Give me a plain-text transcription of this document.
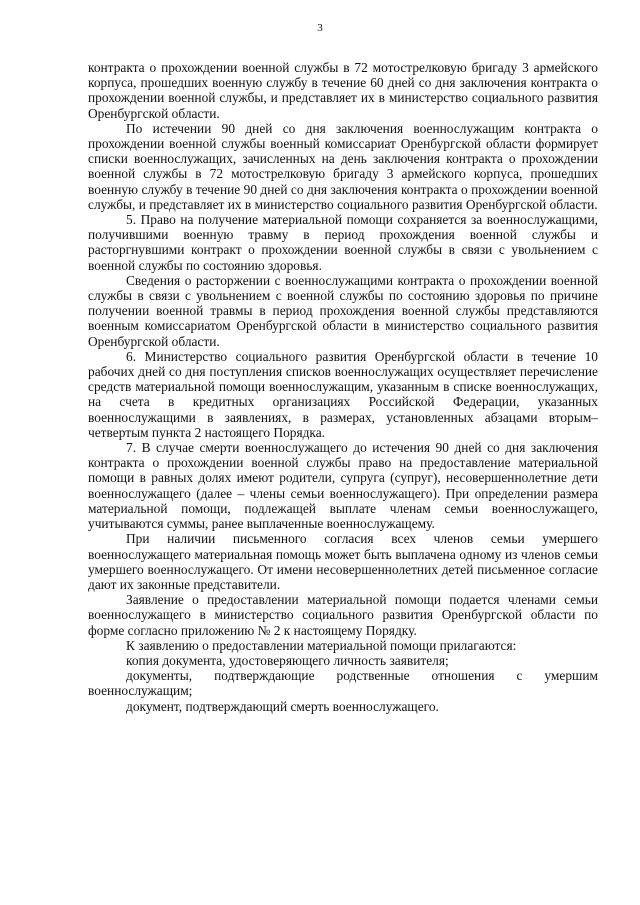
3

контракта о прохождении военной службы в 72 мотострелковую бригаду 3 армейского корпуса, прошедших военную службу в течение 60 дней со дня заключения контракта о прохождении военной службы, и представляет их в министерство социального развития Оренбургской области.

По истечении 90 дней со дня заключения военнослужащим контракта о прохождении военной службы военный комиссариат Оренбургской области формирует списки военнослужащих, зачисленных на день заключения контракта о прохождении военной службы в 72 мотострелковую бригаду 3 армейского корпуса, прошедших военную службу в течение 90 дней со дня заключения контракта о прохождении военной службы, и представляет их в министерство социального развития Оренбургской области.

5. Право на получение материальной помощи сохраняется за военнослужащими, получившими военную травму в период прохождения военной службы и расторгнувшими контракт о прохождении военной службы в связи с увольнением с военной службы по состоянию здоровья.

Сведения о расторжении с военнослужащими контракта о прохождении военной службы в связи с увольнением с военной службы по состоянию здоровья по причине получении военной травмы в период прохождения военной службы представляются военным комиссариатом Оренбургской области в министерство социального развития Оренбургской области.

6. Министерство социального развития Оренбургской области в течение 10 рабочих дней со дня поступления списков военнослужащих осуществляет перечисление средств материальной помощи военнослужащим, указанным в списке военнослужащих, на счета в кредитных организациях Российской Федерации, указанных военнослужащими в заявлениях, в размерах, установленных абзацами вторым–четвертым пункта 2 настоящего Порядка.

7. В случае смерти военнослужащего до истечения 90 дней со дня заключения контракта о прохождении военной службы право на предоставление материальной помощи в равных долях имеют родители, супруга (супруг), несовершеннолетние дети военнослужащего (далее – члены семьи военнослужащего). При определении размера материальной помощи, подлежащей выплате членам семьи военнослужащего, учитываются суммы, ранее выплаченные военнослужащему.

При наличии письменного согласия всех членов семьи умершего военнослужащего материальная помощь может быть выплачена одному из членов семьи умершего военнослужащего. От имени несовершеннолетних детей письменное согласие дают их законные представители.

Заявление о предоставлении материальной помощи подается членами семьи военнослужащего в министерство социального развития Оренбургской области по форме согласно приложению № 2 к настоящему Порядку.

К заявлению о предоставлении материальной помощи прилагаются:

копия документа, удостоверяющего личность заявителя;

документы, подтверждающие родственные отношения с умершим военнослужащим;

документ, подтверждающий смерть военнослужащего.
